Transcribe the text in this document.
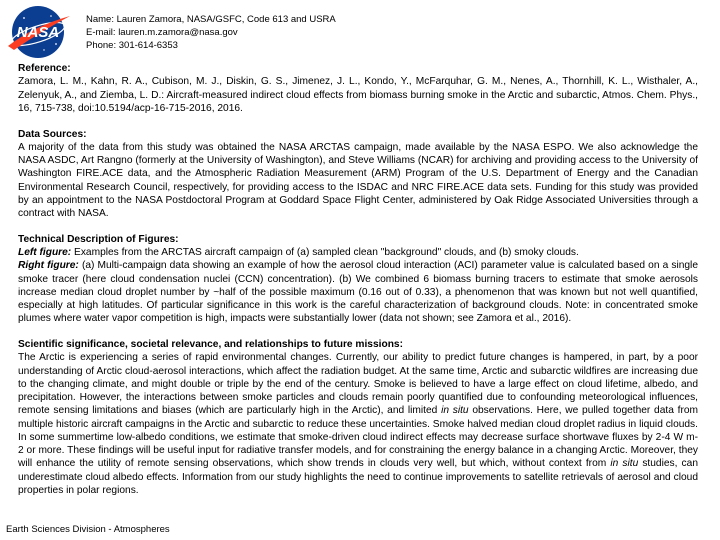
NASA
Name: Lauren Zamora, NASA/GSFC, Code 613 and USRA
E-mail: lauren.m.zamora@nasa.gov
Phone: 301-614-6353
Reference:

Zamora, L. M., Kahn, R. A., Cubison, M. J., Diskin, G. S., Jimenez, J. L., Kondo, Y., McFarquhar, G. M., Nenes, A., Thornhill, K. L., Wisthaler, A., Zelenyuk, A., and Ziemba, L. D.: Aircraft-measured indirect cloud effects from biomass burning smoke in the Arctic and subarctic, Atmos. Chem. Phys., 16, 715-738, doi:10.5194/acp-16-715-2016, 2016.

Data Sources:

A majority of the data from this study was obtained the NASA ARCTAS campaign, made available by the NASA ESPO. We also acknowledge the NASA ASDC, Art Rangno (formerly at the University of Washington), and Steve Williams (NCAR) for archiving and providing access to the University of Washington FIRE.ACE data, and the Atmospheric Radiation Measurement (ARM) Program of the U.S. Department of Energy and the Canadian Environmental Research Council, respectively, for providing access to the ISDAC and NRC FIRE.ACE data sets. Funding for this study was provided by an appointment to the NASA Postdoctoral Program at Goddard Space Flight Center, administered by Oak Ridge Associated Universities through a contract with NASA.

Technical Description of Figures:

Left figure: Examples from the ARCTAS aircraft campaign of (a) sampled clean "background" clouds, and (b) smoky clouds.

Right figure: (a) Multi-campaign data showing an example of how the aerosol cloud interaction (ACI) parameter value is calculated based on a single smoke tracer (here cloud condensation nuclei (CCN) concentration). (b) We combined 6 biomass burning tracers to estimate that smoke aerosols increase median cloud droplet number by ~half of the possible maximum (0.16 out of 0.33), a phenomenon that was known but not well quantified, especially at high latitudes. Of particular significance in this work is the careful characterization of background clouds. Note: in concentrated smoke plumes where water vapor competition is high, impacts were substantially lower (data not shown; see Zamora et al., 2016).

Scientific significance, societal relevance, and relationships to future missions:

The Arctic is experiencing a series of rapid environmental changes. Currently, our ability to predict future changes is hampered, in part, by a poor understanding of Arctic cloud-aerosol interactions, which affect the radiation budget. At the same time, Arctic and subarctic wildfires are increasing due to the changing climate, and might double or triple by the end of the century. Smoke is believed to have a large effect on cloud lifetime, albedo, and precipitation. However, the interactions between smoke particles and clouds remain poorly quantified due to confounding meteorological influences, remote sensing limitations and biases (which are particularly high in the Arctic), and limited in situ observations. Here, we pulled together data from multiple historic aircraft campaigns in the Arctic and subarctic to reduce these uncertainties. Smoke halved median cloud droplet radius in liquid clouds. In some summertime low-albedo conditions, we estimate that smoke-driven cloud indirect effects may decrease surface shortwave fluxes by 2-4 W m-2 or more. These findings will be useful input for radiative transfer models, and for constraining the energy balance in a changing Arctic. Moreover, they will enhance the utility of remote sensing observations, which show trends in clouds very well, but which, without context from in situ studies, can underestimate cloud albedo effects. Information from our study highlights the need to continue improvements to satellite retrievals of aerosol and cloud properties in polar regions.

Earth Sciences Division - Atmospheres
